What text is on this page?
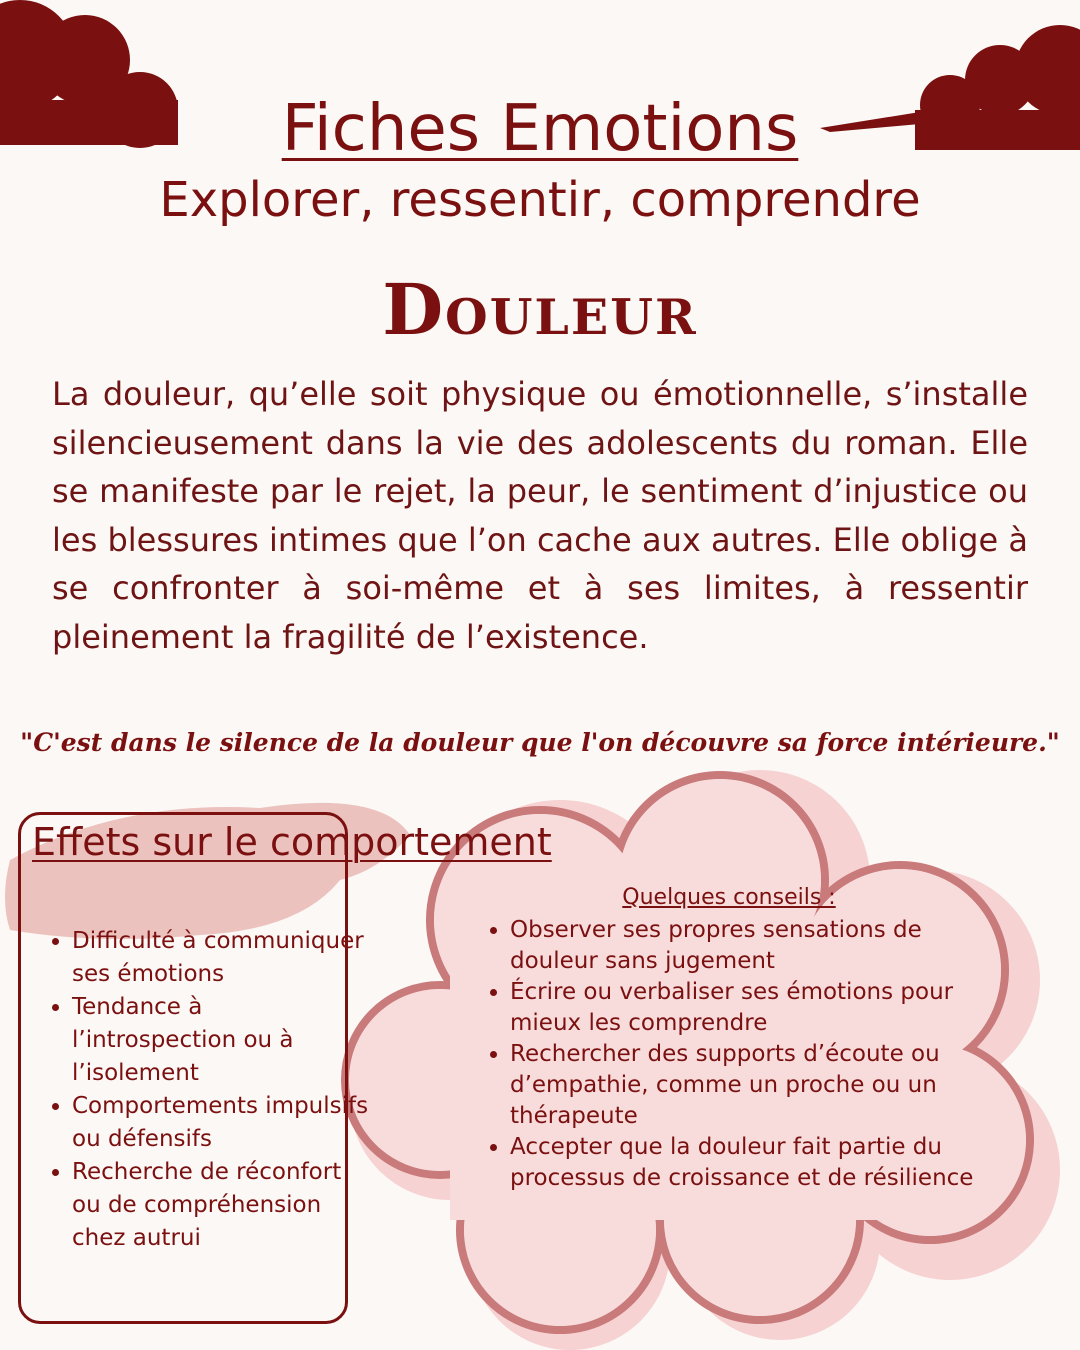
Fiches Emotions
Explorer, ressentir, comprendre
Douleur
La douleur, qu’elle soit physique ou émotionnelle, s’installe silencieusement dans la vie des adolescents du roman. Elle se manifeste par le rejet, la peur, le sentiment d’injustice ou les blessures intimes que l’on cache aux autres. Elle oblige à se confronter à soi-même et à ses limites, à ressentir pleinement la fragilité de l’existence.
"C'est dans le silence de la douleur que l'on découvre sa force intérieure."
Effets sur le comportement
• Difficulté à communiquer ses émotions
• Tendance à l’introspection ou à l’isolement
• Comportements impulsifs ou défensifs
• Recherche de réconfort ou de compréhension chez autrui
Quelques conseils :
• Observer ses propres sensations de douleur sans jugement
• Écrire ou verbaliser ses émotions pour mieux les comprendre
• Rechercher des supports d’écoute ou d’empathie, comme un proche ou un thérapeute
• Accepter que la douleur fait partie du processus de croissance et de résilience
